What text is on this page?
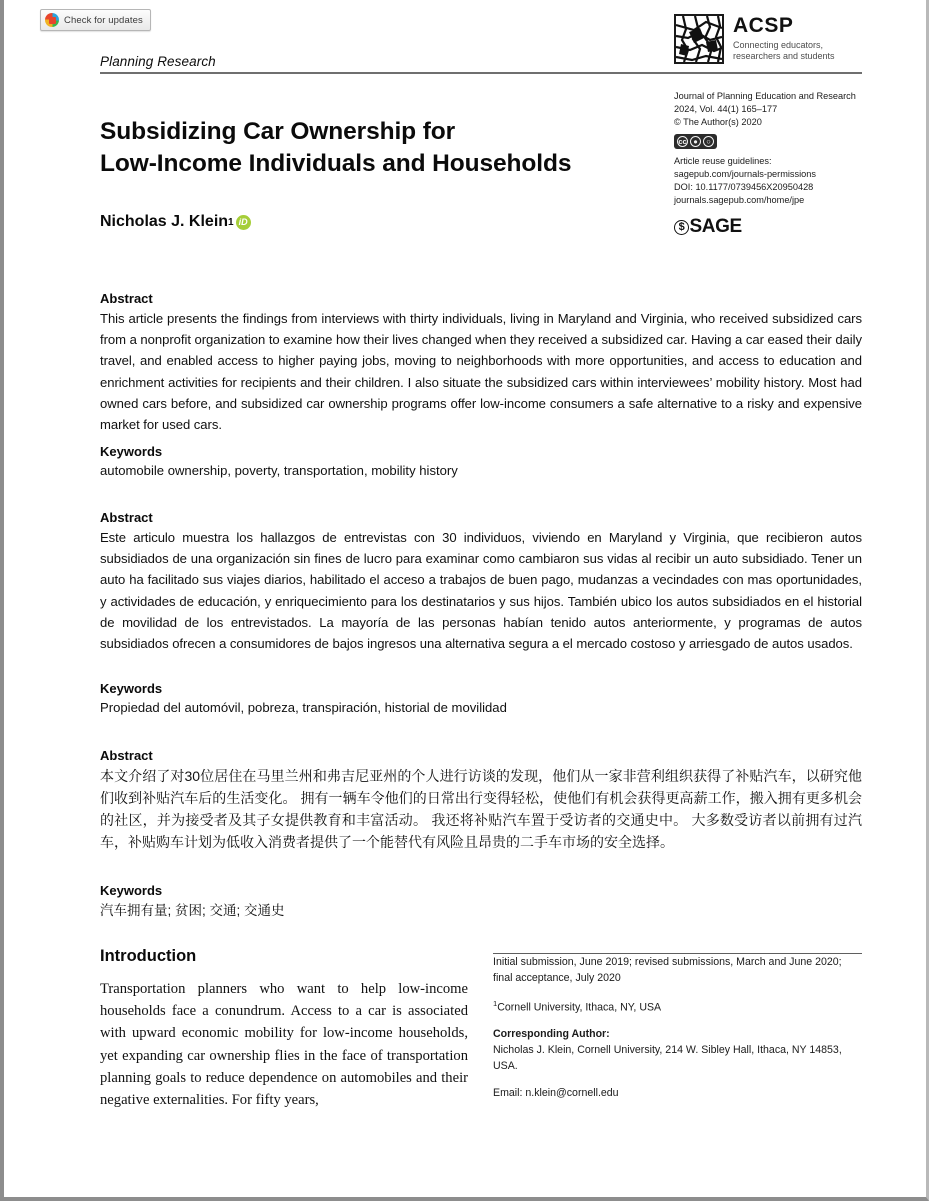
Check for updates
Planning Research
ACSP
Connecting educators,
researchers and students
Subsidizing Car Ownership for
Low-Income Individuals and Households
Nicholas J. Klein 1 iD
Journal of Planning Education and Research
2024, Vol. 44(1) 165–177
© The Author(s) 2020
cc ●	○
Article reuse guidelines:
sagepub.com/journals-permissions
DOI: 10.1177/0739456X20950428
journals.sagepub.com/home/jpe
$ SAGE
Abstract

This article presents the findings from interviews with thirty individuals, living in Maryland and Virginia, who received subsidized cars from a nonprofit organization to examine how their lives changed when they received a subsidized car. Having a car eased their daily travel, and enabled access to higher paying jobs, moving to neighborhoods with more opportunities, and access to education and enrichment activities for recipients and their children. I also situate the subsidized cars within interviewees’ mobility history. Most had owned cars before, and subsidized car ownership programs offer low-income consumers a safe alternative to a risky and expensive market for used cars.

Keywords

automobile ownership, poverty, transportation, mobility history

Abstract

Este articulo muestra los hallazgos de entrevistas con 30 individuos, viviendo en Maryland y Virginia, que recibieron autos subsidiados de una organización sin fines de lucro para examinar como cambiaron sus vidas al recibir un auto subsidiado. Tener un auto ha facilitado sus viajes diarios, habilitado el acceso a trabajos de buen pago, mudanzas a vecindades con mas oportunidades, y actividades de educación, y enriquecimiento para los destinatarios y sus hijos. También ubico los autos subsidiados en el historial de movilidad de los entrevistados. La mayoría de las personas habían tenido autos anteriormente, y programas de autos subsidiados ofrecen a consumidores de bajos ingresos una alternativa segura a el mercado costoso y arriesgado de autos usados.

Keywords

Propiedad del automóvil, pobreza, transpiración, historial de movilidad

Abstract

本文介绍了对30位居住在马里兰州和弗吉尼亚州的个人进行访谈的发现，他们从一家非营利组织获得了补贴汽车，以研究他们收到补贴汽车后的生活变化。 拥有一辆车令他们的日常出行变得轻松，使他们有机会获得更高薪工作，搬入拥有更多机会的社区，并为接受者及其子女提供教育和丰富活动。 我还将补贴汽车置于受访者的交通史中。 大多数受访者以前拥有过汽车，补贴购车计划为低收入消费者提供了一个能替代有风险且昂贵的二手车市场的安全选择。

Keywords

汽车拥有量; 贫困; 交通; 交通史

Introduction

Transportation planners who want to help low-income households face a conundrum. Access to a car is associated with upward economic mobility for low-income households, yet expanding car ownership flies in the face of transportation planning goals to reduce dependence on automobiles and their negative externalities. For fifty years,

Initial submission, June 2019; revised submissions, March and June 2020; final acceptance, July 2020

$^1$Cornell University, Ithaca, NY, USA

Corresponding Author:

Nicholas J. Klein, Cornell University, 214 W. Sibley Hall, Ithaca, NY 14853, USA.

Email: n.klein@cornell.edu
